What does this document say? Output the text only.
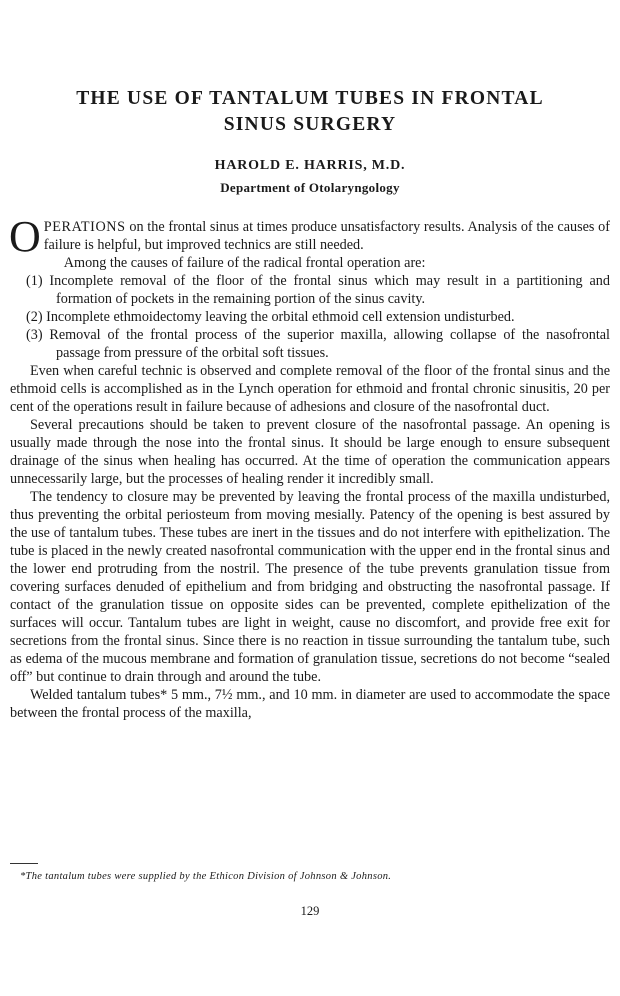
THE USE OF TANTALUM TUBES IN FRONTAL
SINUS SURGERY
HAROLD E. HARRIS, M.D.
Department of Otolaryngology

OPERATIONS on the frontal sinus at times produce unsatisfactory results. Analysis of the causes of failure is helpful, but improved technics are still needed.

Among the causes of failure of the radical frontal operation are:

(1) Incomplete removal of the floor of the frontal sinus which may result in a partitioning and formation of pockets in the remaining portion of the sinus cavity.

(2) Incomplete ethmoidectomy leaving the orbital ethmoid cell extension undisturbed.

(3) Removal of the frontal process of the superior maxilla, allowing collapse of the nasofrontal passage from pressure of the orbital soft tissues.

Even when careful technic is observed and complete removal of the floor of the frontal sinus and the ethmoid cells is accomplished as in the Lynch operation for ethmoid and frontal chronic sinusitis, 20 per cent of the operations result in failure because of adhesions and closure of the nasofrontal duct.

Several precautions should be taken to prevent closure of the nasofrontal passage. An opening is usually made through the nose into the frontal sinus. It should be large enough to ensure subsequent drainage of the sinus when healing has occurred. At the time of operation the communication appears unnecessarily large, but the processes of healing render it incredibly small.

The tendency to closure may be prevented by leaving the frontal process of the maxilla undisturbed, thus preventing the orbital periosteum from moving mesially. Patency of the opening is best assured by the use of tantalum tubes. These tubes are inert in the tissues and do not interfere with epithelization. The tube is placed in the newly created nasofrontal communication with the upper end in the frontal sinus and the lower end protruding from the nostril. The presence of the tube prevents granulation tissue from covering surfaces denuded of epithelium and from bridging and obstructing the nasofrontal passage. If contact of the granulation tissue on opposite sides can be prevented, complete epithelization of the surfaces will occur. Tantalum tubes are light in weight, cause no discomfort, and provide free exit for secretions from the frontal sinus. Since there is no reaction in tissue surrounding the tantalum tube, such as edema of the mucous membrane and formation of granulation tissue, secretions do not become “sealed off” but continue to drain through and around the tube.

Welded tantalum tubes* 5 mm., 7½ mm., and 10 mm. in diameter are used to accommodate the space between the frontal process of the maxilla,

*The tantalum tubes were supplied by the Ethicon Division of Johnson & Johnson.
129
